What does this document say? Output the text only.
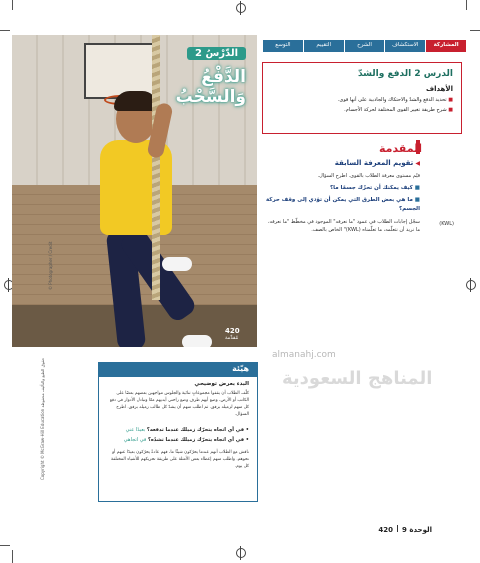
© Photographer / Credit
الدّرْسُ 2
الدَّفْعُ وَالسَّحْبُ
420
مُقدِّمة
المشاركة
الاستكشاف
الشرح
التقييم
التوسع
الدرس 2 الدفع والشدّ
الأهداف
■ تحديد الدفع والشدّ والاحتكاك والجاذبية على أنها قوى.
■ شرح طريقة تغيير القوى المختلفة لحركة الأجسام.
المقدمة
◀ تقويم المعرفة السابقة
قيّم مستوى معرفة الطلاب بالقوى. اطرح السؤال.
■ كيف يمكنك أن تحرّك جسمًا ما؟
■ ما هي بعض الطرق التي يمكن أن تؤدي إلى وقف حركة الجسم؟
سجّل إجابات الطلاب في عمود "ما نعرفه" الموجود في مخطّط "ما نعرفه، ما نريد أن نتعلّمه، ما تعلّمناه (KWL)" الخاص بالصف.
(KWL)
هيّئة
البدء بعرض توضيحي
كلّف الطلاب أن يقفوا مجموعاتٍ ثنائية والجلوس مواجهين بعضهم بعضًا على الكاتب أو الأرض، وضع أيهم طرف وضع راحتي أيديهم معًا وتبادل الأدوار في دفع كل منهم لزميله برفق. ثم اطلب منهم أن يشدّ كل طالب زميله برفق. اطرح السؤال.
• في أي اتجاه يتحرّك زميلك عندما تدفعه؟ بعيدًا عني
• في أي اتجاه يتحرّك زميلك عندما تشدّه؟ في اتجاهي
ناقش مع الطلاب أنهم عندما يحرّكون شيئًا ما، فهم عادةً يحرّكون بعيدًا عنهم أو نحوهم. واطلب منهم إعطاء بعض الأمثلة على طريقة تحريكهم للأشياء المختلفة كل يوم.
Copyright © McGraw-Hill Education حقوق الطبع والتأليف محفوظة
almanahj.com
المناهج السعودية
الوحدة 9420
